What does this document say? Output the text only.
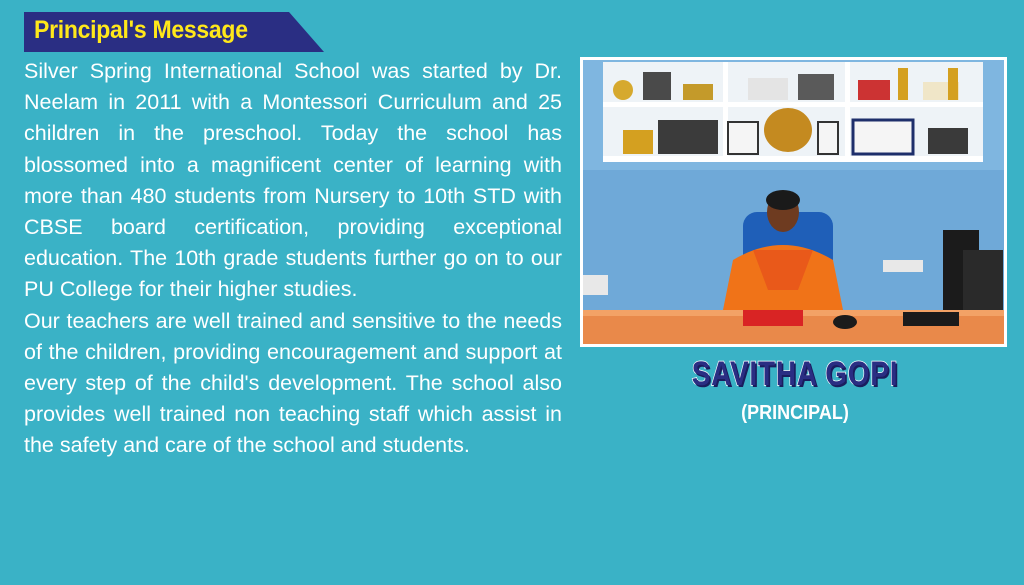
Principal's Message

Silver Spring International School was started by Dr. Neelam in 2011 with a Montessori Curriculum and 25 children in the preschool. Today the school has blossomed into a magnificent center of learning with more than 480 students from Nursery to 10th STD with CBSE board certification, providing exceptional education. The 10th grade students further go on to our PU College for their higher studies.

Our teachers are well trained and sensitive to the needs of the children, providing encouragement and support at every step of the child's development. The school also provides well trained non teaching staff which assist in the safety and care of the school and students.

SAVITHA GOPI
(PRINCIPAL)
